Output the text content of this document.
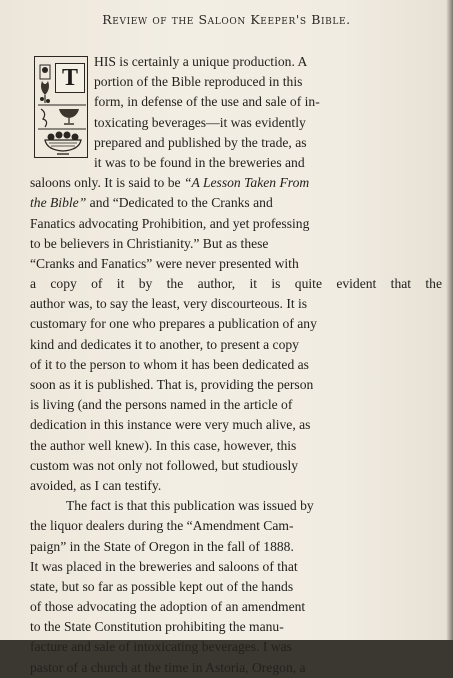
Review of the Saloon Keeper's Bible.
T
HIS is certainly a unique production. A
portion of the Bible reproduced in this
form, in defense of the use and sale of in-
toxicating beverages—it was evidently
prepared and published by the trade, as
it was to be found in the breweries and
saloons only. It is said to be “A Lesson Taken From
the Bible” and “Dedicated to the Cranks and
Fanatics advocating Prohibition, and yet professing
to be believers in Christianity.” But as these
“Cranks and Fanatics” were never presented with
a copy of it by the author, it is quite evident that the
author was, to say the least, very discourteous. It is
customary for one who prepares a publication of any
kind and dedicates it to another, to present a copy
of it to the person to whom it has been dedicated as
soon as it is published. That is, providing the person
is living (and the persons named in the article of
dedication in this instance were very much alive, as
the author well knew). In this case, however, this
custom was not only not followed, but studiously
avoided, as I can testify.
The fact is that this publication was issued by
the liquor dealers during the “Amendment Cam-
paign” in the State of Oregon in the fall of 1888.
It was placed in the breweries and saloons of that
state, but so far as possible kept out of the hands
of those advocating the adoption of an amendment
to the State Constitution prohibiting the manu-
facture and sale of intoxicating beverages. I was
pastor of a church at the time in Astoria, Oregon, a
